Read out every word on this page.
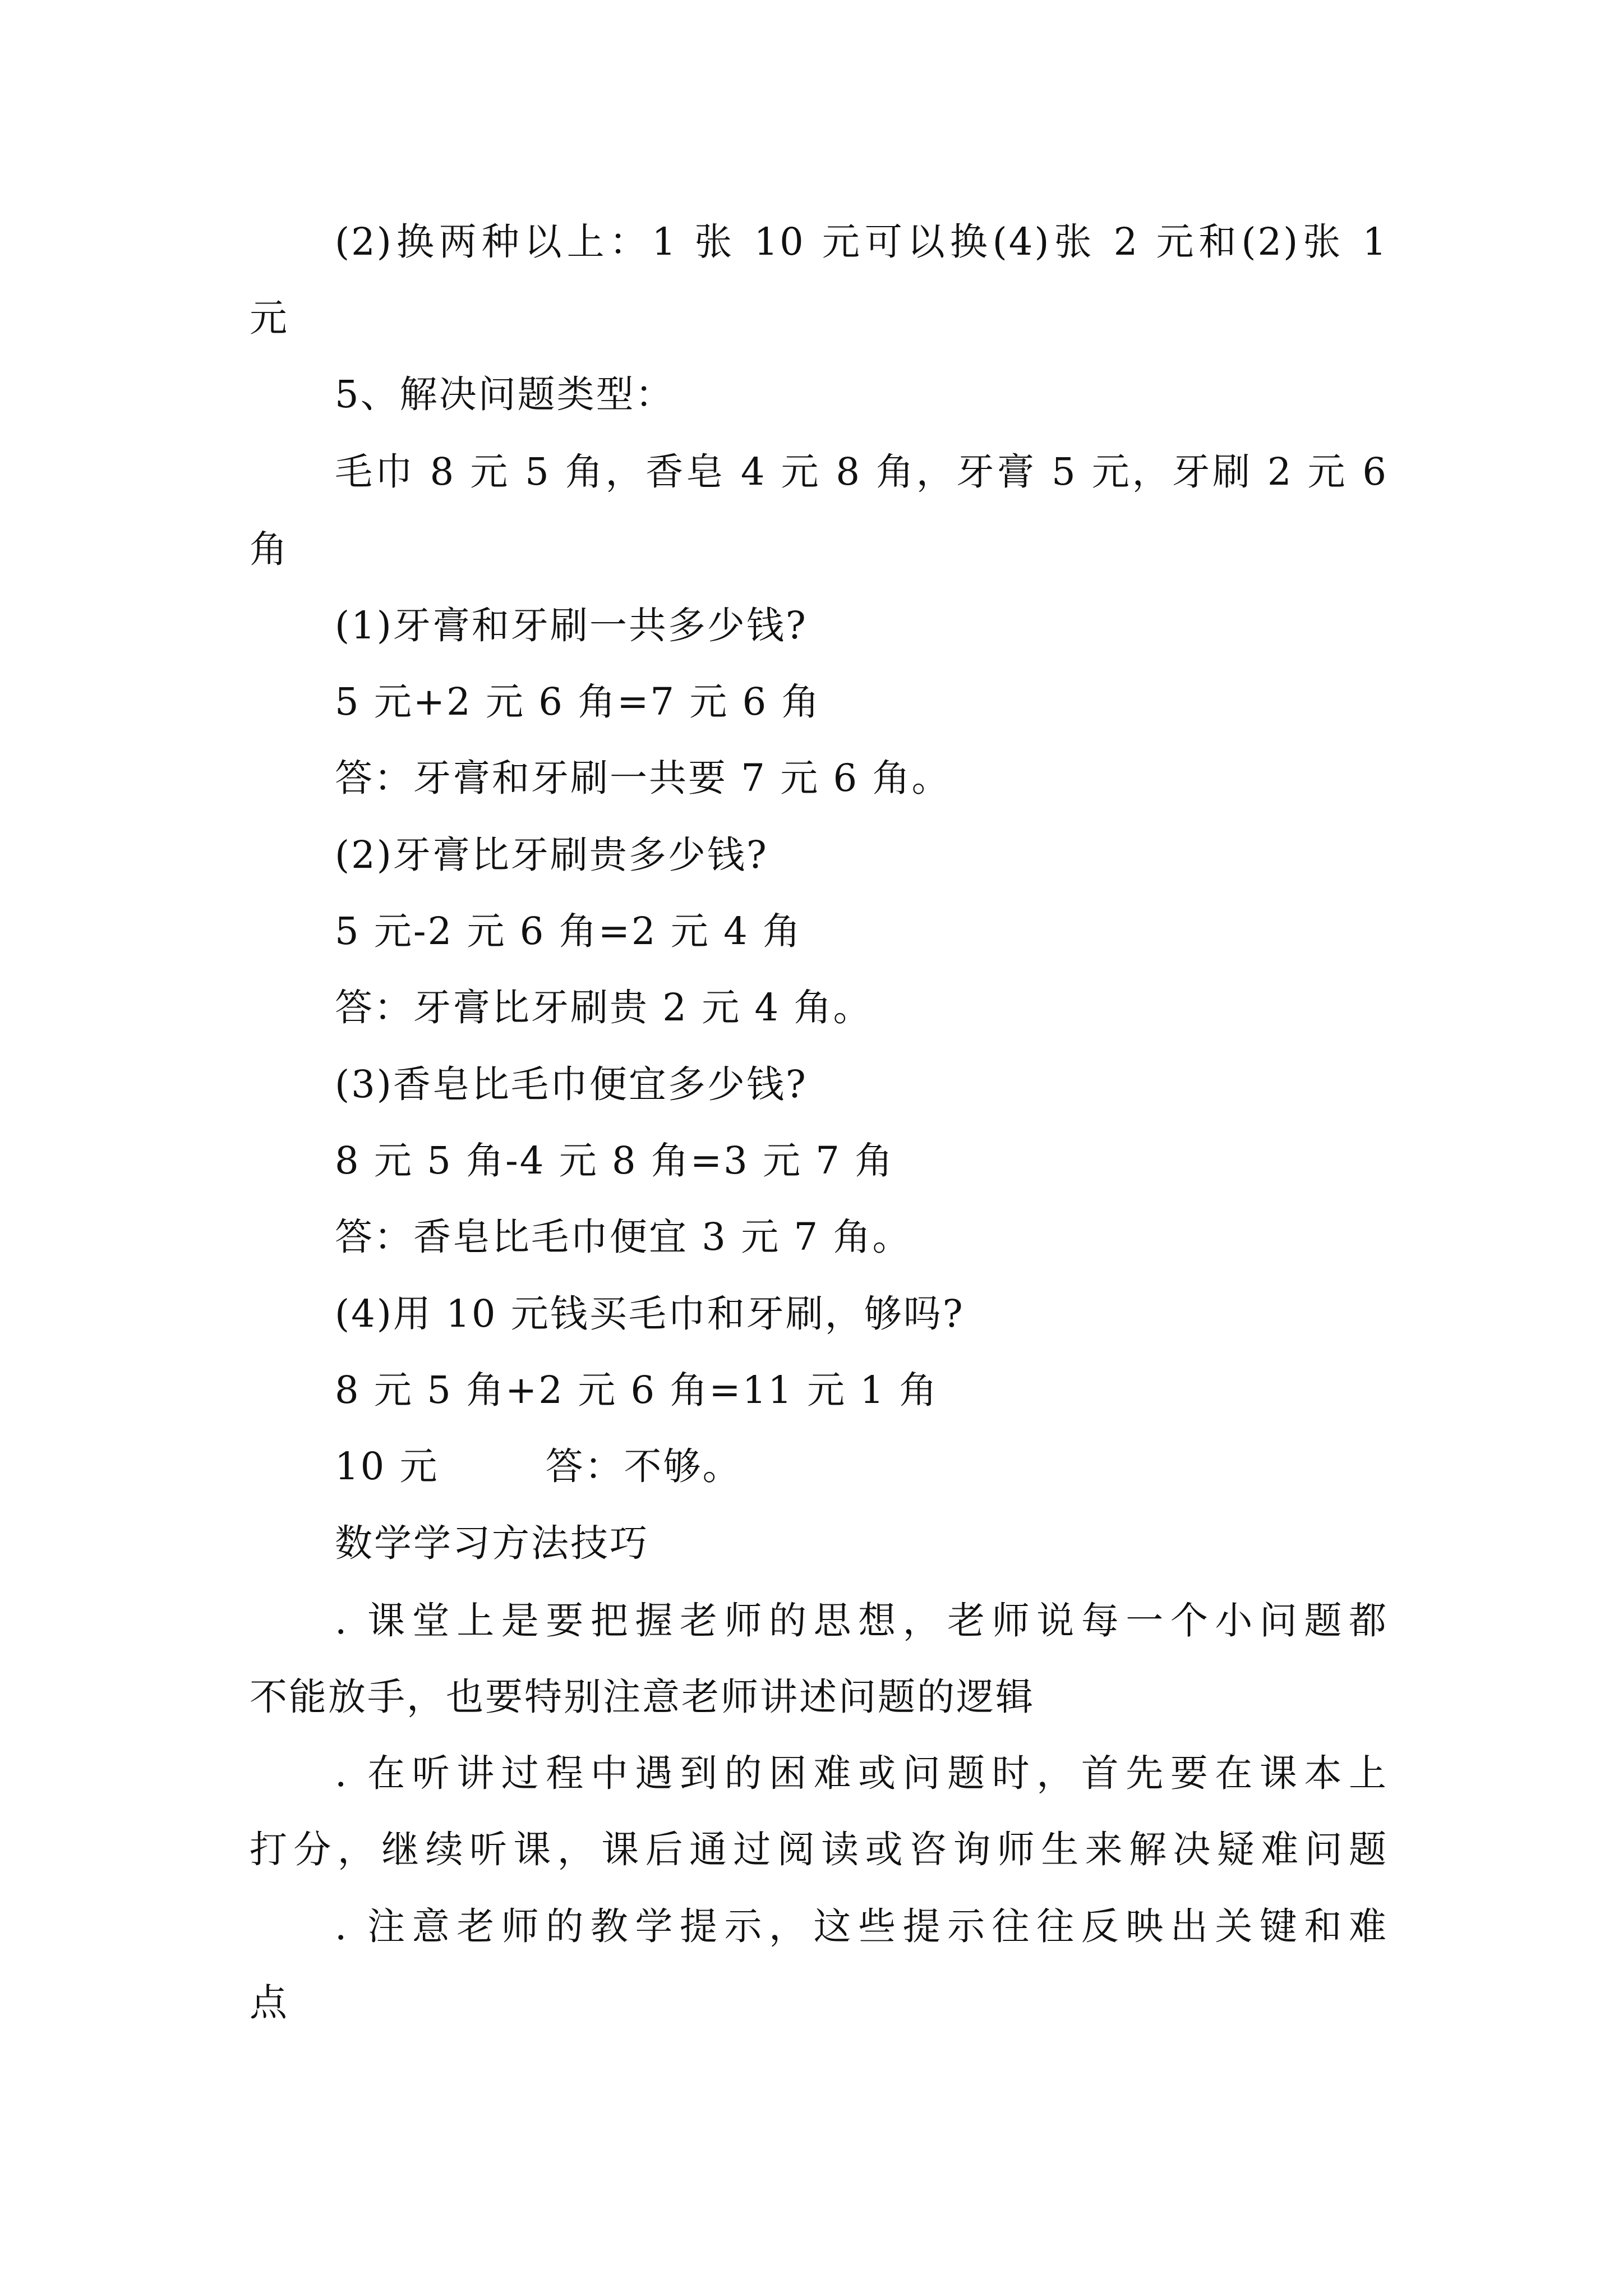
(2)换两种以上：1 张 10 元可以换(4)张 2 元和(2)张 1
元
5、解决问题类型：
毛巾 8 元 5 角，香皂 4 元 8 角，牙膏 5 元，牙刷 2 元 6
角
(1)牙膏和牙刷一共多少钱?
5 元+2 元 6 角=7 元 6 角
答：牙膏和牙刷一共要 7 元 6 角。
(2)牙膏比牙刷贵多少钱?
5 元-2 元 6 角=2 元 4 角
答：牙膏比牙刷贵 2 元 4 角。
(3)香皂比毛巾便宜多少钱?
8 元 5 角-4 元 8 角=3 元 7 角
答：香皂比毛巾便宜 3 元 7 角。
(4)用 10 元钱买毛巾和牙刷，够吗?
8 元 5 角+2 元 6 角=11 元 1 角
10 元	答：不够。
数学学习方法技巧
. 课堂上是要把握老师的思想，老师说每一个小问题都
不能放手，也要特别注意老师讲述问题的逻辑
. 在听讲过程中遇到的困难或问题时，首先要在课本上
打分，继续听课，课后通过阅读或咨询师生来解决疑难问题
. 注意老师的教学提示，这些提示往往反映出关键和难
点
